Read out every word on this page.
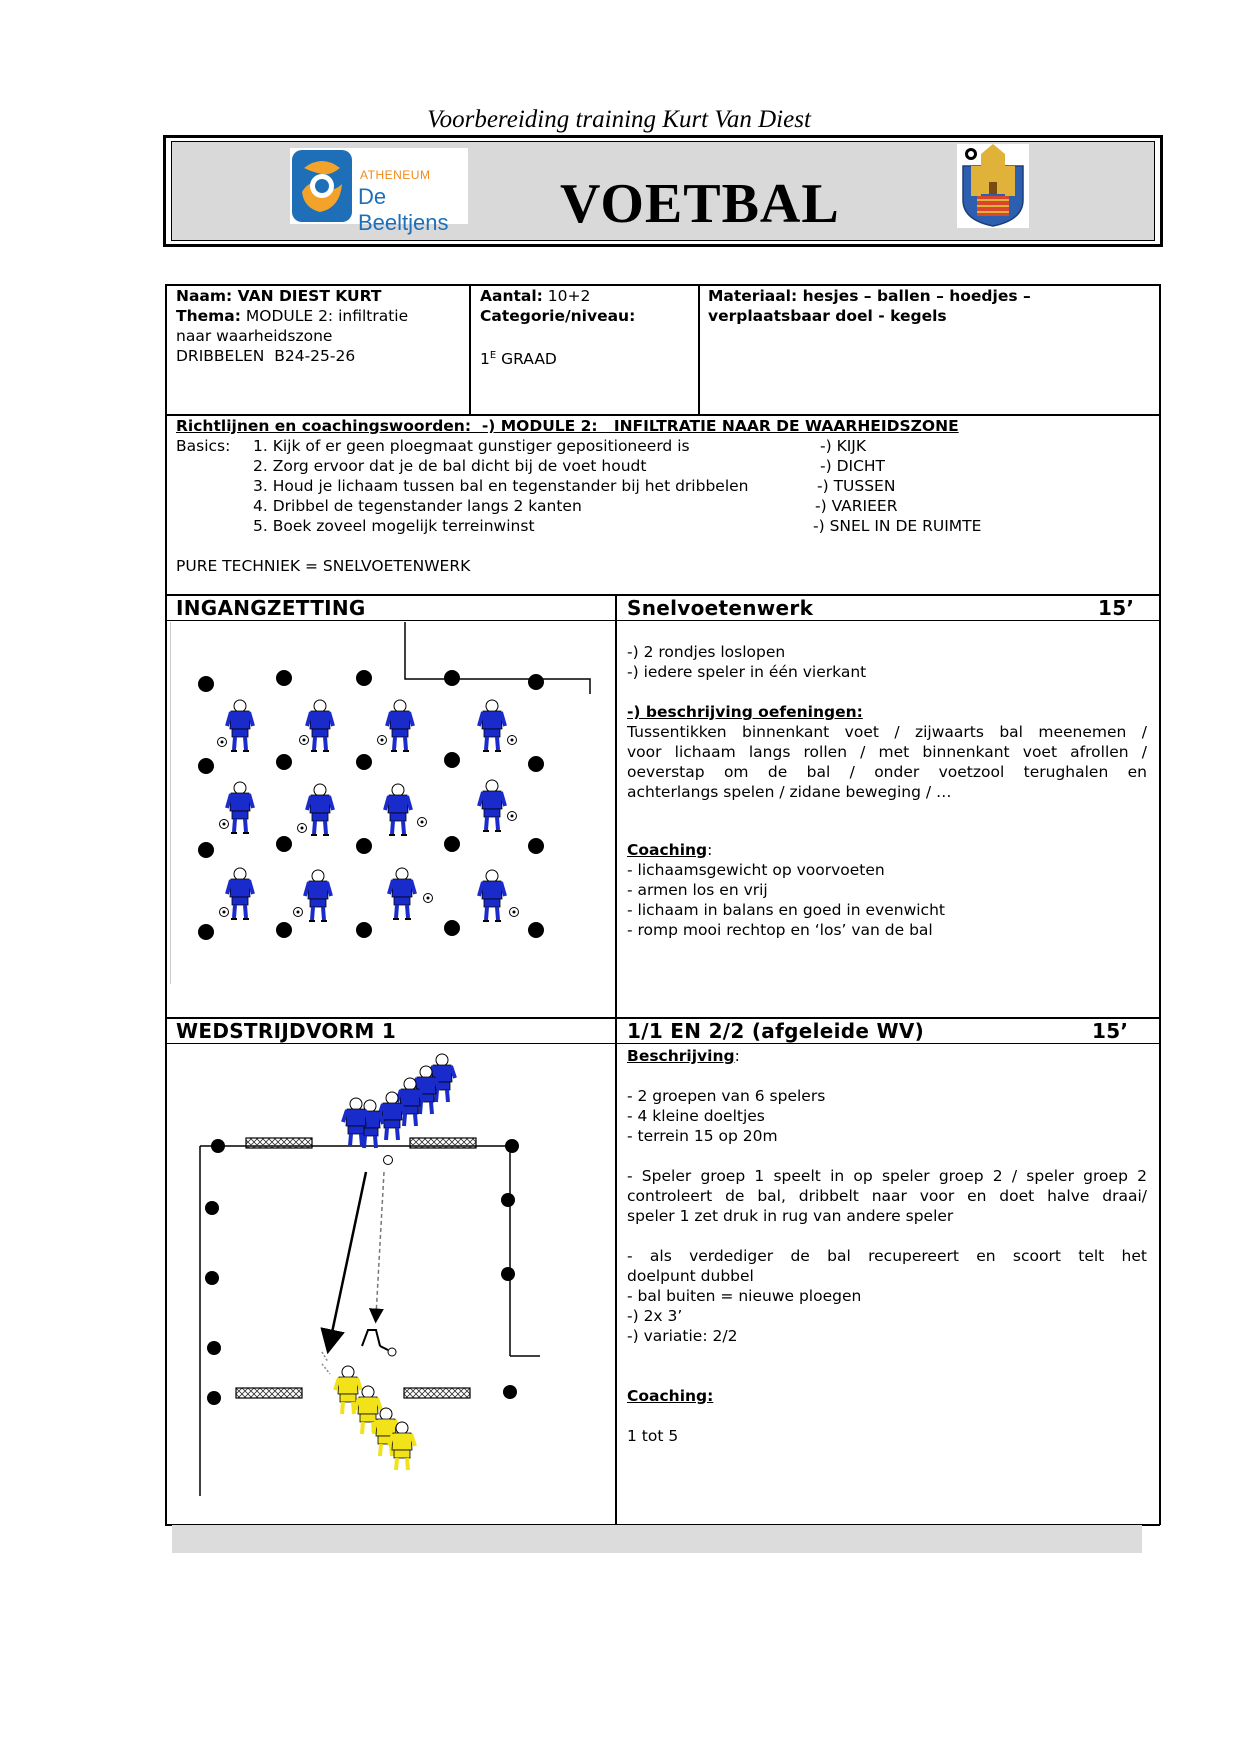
Voorbereiding training Kurt Van Diest
ATHENEUM
De Beeltjens	VOETBAL
Naam: VAN DIEST KURT
Thema: MODULE 2: infiltratie
naar waarheidszone
DRIBBELEN  B24-25-26
Aantal: 10+2
Categorie/niveau:
$1^E$ GRAAD
Materiaal: hesjes – ballen – hoedjes –
verplaatsbaar doel - kegels
Richtlijnen en coachingswoorden:  -) MODULE 2:   INFILTRATIE NAAR DE WAARHEIDSZONE
Basics: 1. Kijk of er geen ploegmaat gunstiger gepositioneerd is	-) KIJK
2. Zorg ervoor dat je de bal dicht bij de voet houdt	-) DICHT
3. Houd je lichaam tussen bal en tegenstander bij het dribbelen	-) TUSSEN
4. Dribbel de tegenstander langs 2 kanten	-) VARIEER
5. Boek zoveel mogelijk terreinwinst	-) SNEL IN DE RUIMTE
PURE TECHNIEK = SNELVOETENWERK
INGANGZETTING	Snelvoetenwerk	15’
-) 2 rondjes loslopen
-) iedere speler in één vierkant
-) beschrijving oefeningen:
Tussentikken binnenkant voet / zijwaarts bal meenemen /
voor lichaam langs rollen / met binnenkant voet afrollen /
oeverstap om de bal / onder voetzool terughalen en
achterlangs spelen / zidane beweging / …
Coaching:
- lichaamsgewicht op voorvoeten
- armen los en vrij
- lichaam in balans en goed in evenwicht
- romp mooi rechtop en ‘los’ van de bal
WEDSTRIJDVORM 1	1/1 EN 2/2 (afgeleide WV)	15’
Beschrijving:
- 2 groepen van 6 spelers
- 4 kleine doeltjes
- terrein 15 op 20m
- Speler groep 1 speelt in op speler groep 2 / speler groep 2
controleert de bal, dribbelt naar voor en doet halve draai/
speler 1 zet druk in rug van andere speler
- als verdediger de bal recupereert en scoort telt het
doelpunt dubbel
- bal buiten = nieuwe ploegen
-) 2x 3’
-) variatie: 2/2
Coaching:
1 tot 5
